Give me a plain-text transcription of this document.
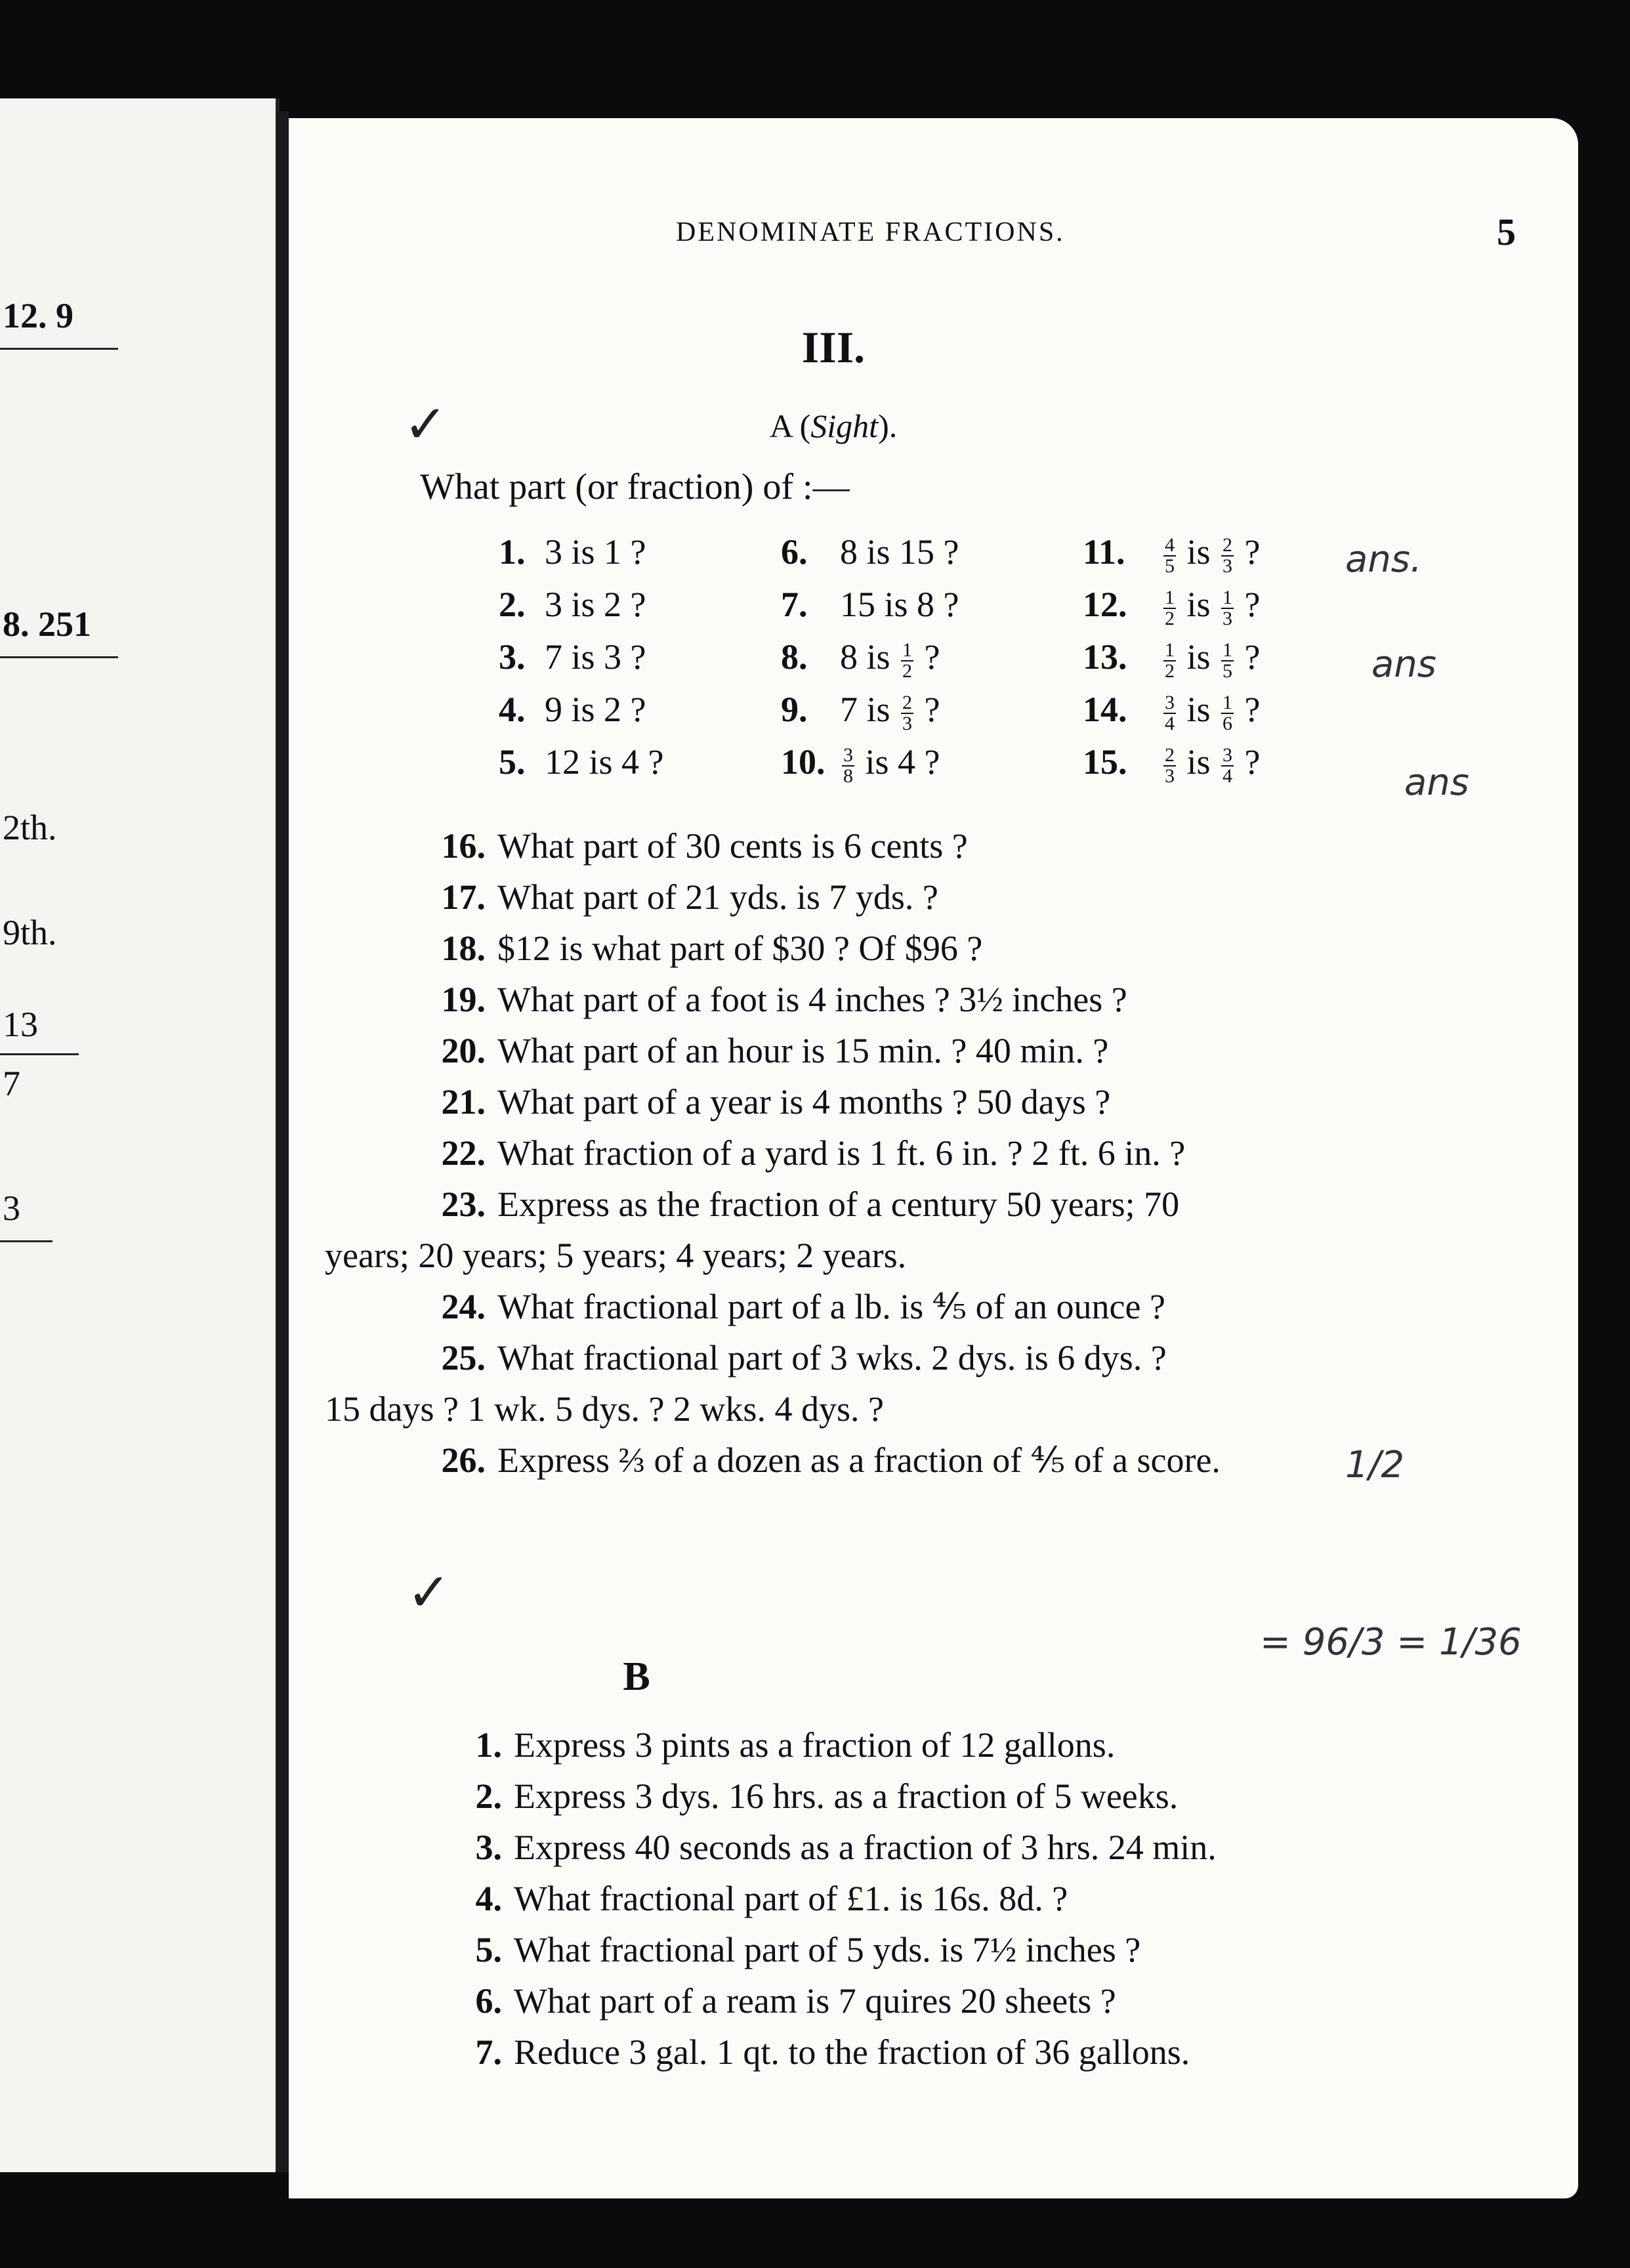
12. 9
8. 251
2th.
9th.
13
7
3
DENOMINATE FRACTIONS.	5
III.
A (Sight).
✓
What part (or fraction) of :—
1. 3 is 1 ?	6. 8 is 15 ?	11. $\frac{4}{5}$ is $\frac{2}{3}$ ?
2. 3 is 2 ?	7. 15 is 8 ?	12. $\frac{1}{2}$ is $\frac{1}{3}$ ?
3. 7 is 3 ?	8. 8 is $\frac{1}{2}$ ?	13. $\frac{1}{2}$ is $\frac{1}{5}$ ?
4. 9 is 2 ?	9. 7 is $\frac{2}{3}$ ?	14. $\frac{3}{4}$ is $\frac{1}{6}$ ?
5. 12 is 4 ?	10. $\frac{3}{8}$ is 4 ?	15. $\frac{2}{3}$ is $\frac{3}{4}$ ?
16. What part of 30 cents is 6 cents ?
17. What part of 21 yds. is 7 yds. ?
18. $12 is what part of $30 ? Of $96 ?
19. What part of a foot is 4 inches ? 3½ inches ?
20. What part of an hour is 15 min. ? 40 min. ?
21. What part of a year is 4 months ? 50 days ?
22. What fraction of a yard is 1 ft. 6 in. ? 2 ft. 6 in. ?
23. Express as the fraction of a century 50 years; 70
years; 20 years; 5 years; 4 years; 2 years.
24. What fractional part of a lb. is ⅘ of an ounce ?
25. What fractional part of 3 wks. 2 dys. is 6 dys. ?
15 days ? 1 wk. 5 dys. ? 2 wks. 4 dys. ?
26. Express ⅔ of a dozen as a fraction of ⅘ of a score.
✓
B
1. Express 3 pints as a fraction of 12 gallons.
2. Express 3 dys. 16 hrs. as a fraction of 5 weeks.
3. Express 40 seconds as a fraction of 3 hrs. 24 min.
4. What fractional part of £1. is 16s. 8d. ?
5. What fractional part of 5 yds. is 7½ inches ?
6. What part of a ream is 7 quires 20 sheets ?
7. Reduce 3 gal. 1 qt. to the fraction of 36 gallons.
ans.
ans
ans
1/2
= 96/3 = 1/36
